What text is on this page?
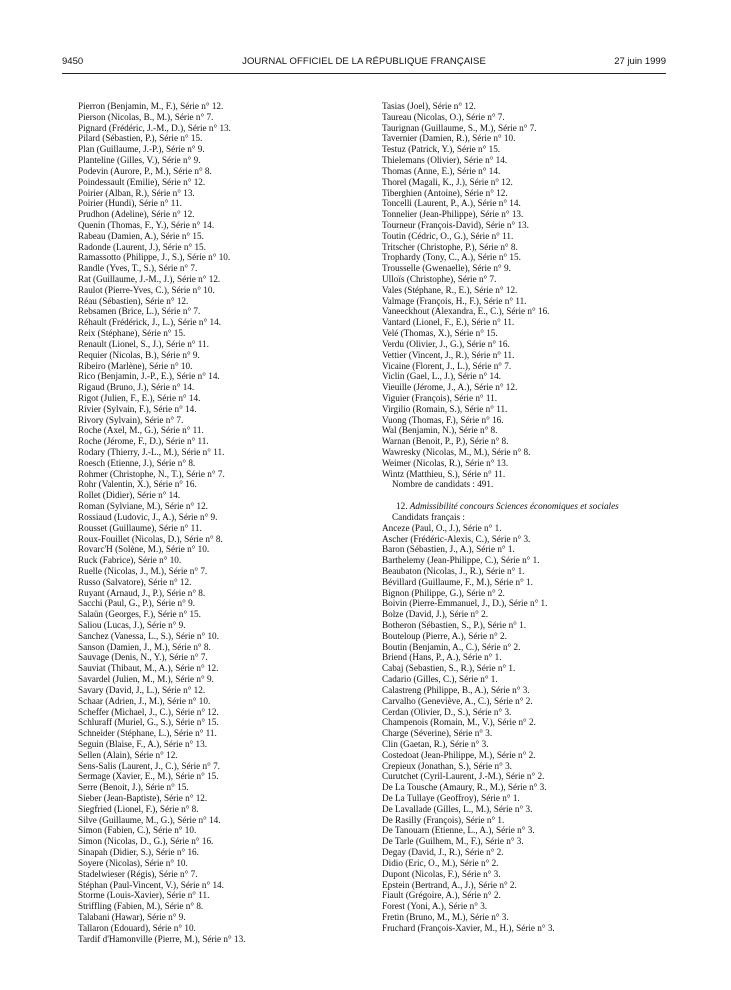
9450	JOURNAL OFFICIEL DE LA RÉPUBLIQUE FRANÇAISE	27 juin 1999
Pierron (Benjamin, M., F.), Série n° 12.
Pierson (Nicolas, B., M.), Série n° 7.
Pignard (Frédéric, J.-M., D.), Série n° 13.
Pilard (Sébastien, P.), Série n° 15.
Plan (Guillaume, J.-P.), Série n° 9.
Planteline (Gilles, V.), Série n° 9.
Podevin (Aurore, P., M.), Série n° 8.
Poindessault (Emilie), Série n° 12.
Poirier (Alban, R.), Série n° 13.
Poirier (Hundi), Série n° 11.
Prudhon (Adeline), Série n° 12.
Quenin (Thomas, F., Y.), Série n° 14.
Rabeau (Damien, A.), Série n° 15.
Radonde (Laurent, J.), Série n° 15.
Ramassotto (Philippe, J., S.), Série n° 10.
Randle (Yves, T., S.), Série n° 7.
Rat (Guillaume, J.-M., J.), Série n° 12.
Raulot (Pierre-Yves, C.), Série n° 10.
Réau (Sébastien), Série n° 12.
Rebsamen (Brice, L.), Série n° 7.
Réhault (Frédérick, J., L.), Série n° 14.
Reix (Stéphane), Série n° 15.
Renault (Lionel, S., J.), Série n° 11.
Requier (Nicolas, B.), Série n° 9.
Ribeiro (Marlène), Série n° 10.
Rico (Benjamin, J.-P., E.), Série n° 14.
Rigaud (Bruno, J.), Série n° 14.
Rigot (Julien, F., E.), Série n° 14.
Rivier (Sylvain, F.), Série n° 14.
Rivory (Sylvain), Série n° 7.
Roche (Axel, M., G.), Série n° 11.
Roche (Jérome, F., D.), Série n° 11.
Rodary (Thierry, J.-L., M.), Série n° 11.
Roesch (Etienne, J.), Série n° 8.
Rohmer (Christophe, N., T.), Série n° 7.
Rohr (Valentin, X.), Série n° 16.
Rollet (Didier), Série n° 14.
Roman (Sylviane, M.), Série n° 12.
Rossiaud (Ludovic, J., A.), Série n° 9.
Rousset (Guillaume), Série n° 11.
Roux-Fouillet (Nicolas, D.), Série n° 8.
Rovarc'H (Solène, M.), Série n° 10.
Ruck (Fabrice), Série n° 10.
Ruelle (Nicolas, J., M.), Série n° 7.
Russo (Salvatore), Série n° 12.
Ruyant (Arnaud, J., P.), Série n° 8.
Sacchi (Paul, G., P.), Série n° 9.
Salaün (Georges, F.), Série n° 15.
Saliou (Lucas, J.), Série n° 9.
Sanchez (Vanessa, L., S.), Série n° 10.
Sanson (Damien, J., M.), Série n° 8.
Sauvage (Denis, N., Y.), Série n° 7.
Sauviat (Thibaut, M., A.), Série n° 12.
Savardel (Julien, M., M.), Série n° 9.
Savary (David, J., L.), Série n° 12.
Schaar (Adrien, J., M.), Série n° 10.
Scheffer (Michael, J., C.), Série n° 12.
Schluraff (Muriel, G., S.), Série n° 15.
Schneider (Stéphane, L.), Série n° 11.
Seguin (Blaise, F., A.), Série n° 13.
Sellen (Alain), Série n° 12.
Sens-Salis (Laurent, J., C.), Série n° 7.
Sermage (Xavier, E., M.), Série n° 15.
Serre (Benoit, J.), Série n° 15.
Sieber (Jean-Baptiste), Série n° 12.
Siegfried (Lionel, F.), Série n° 8.
Silve (Guillaume, M., G.), Série n° 14.
Simon (Fabien, C.), Série n° 10.
Simon (Nicolas, D., G.), Série n° 16.
Sinapah (Didier, S.), Série n° 16.
Soyere (Nicolas), Série n° 10.
Stadelwieser (Régis), Série n° 7.
Stéphan (Paul-Vincent, V.), Série n° 14.
Storme (Louis-Xavier), Série n° 11.
Striffling (Fabien, M.), Série n° 8.
Talabani (Hawar), Série n° 9.
Tallaron (Edouard), Série n° 10.
Tardif d'Hamonville (Pierre, M.), Série n° 13.
Tasias (Joel), Série n° 12.
Taureau (Nicolas, O.), Série n° 7.
Taurignan (Guillaume, S., M.), Série n° 7.
Tavernier (Damien, R.), Série n° 10.
Testuz (Patrick, Y.), Série n° 15.
Thielemans (Olivier), Série n° 14.
Thomas (Anne, E.), Série n° 14.
Thorel (Magali, K., J.), Série n° 12.
Tiberghien (Antoine), Série n° 12.
Toncelli (Laurent, P., A.), Série n° 14.
Tonnelier (Jean-Philippe), Série n° 13.
Tourneur (François-David), Série n° 13.
Toutin (Cédric, O., G.), Série n° 11.
Tritscher (Christophe, P.), Série n° 8.
Trophardy (Tony, C., A.), Série n° 15.
Trousselle (Gwenaelle), Série n° 9.
Ulloïs (Christophe), Série n° 7.
Vales (Stéphane, R., E.), Série n° 12.
Valmage (François, H., F.), Série n° 11.
Vaneeckhout (Alexandra, E., C.), Série n° 16.
Vantard (Lionel, F., E.), Série n° 11.
Velé (Thomas, X.), Série n° 15.
Verdu (Olivier, J., G.), Série n° 16.
Vettier (Vincent, J., R.), Série n° 11.
Vicaine (Florent, J., L.), Série n° 7.
Viclin (Gael, L., J.), Série n° 14.
Vieuille (Jérome, J., A.), Série n° 12.
Viguier (François), Série n° 11.
Virgilio (Romain, S.), Série n° 11.
Vuong (Thomas, F.), Série n° 16.
Wal (Benjamin, N.), Série n° 8.
Warnan (Benoit, P., P.), Série n° 8.
Wawresky (Nicolas, M., M.), Série n° 8.
Weimer (Nicolas, R.), Série n° 13.
Wintz (Matthieu, S.), Série n° 11.
Nombre de candidats : 491.
12. Admissibilité concours Sciences économiques et sociales
Candidats français :
Anceze (Paul, O., J.), Série n° 1.
Ascher (Frédéric-Alexis, C.), Série n° 3.
Baron (Sébastien, J., A.), Série n° 1.
Barthelemy (Jean-Philippe, C.), Série n° 1.
Beaubaton (Nicolas, J., R.), Série n° 1.
Bévillard (Guillaume, F., M.), Série n° 1.
Bignon (Philippe, G.), Série n° 2.
Boivin (Pierre-Emmanuel, J., D.), Série n° 1.
Bolze (David, J.), Série n° 2.
Botheron (Sébastien, S., P.), Série n° 1.
Bouteloup (Pierre, A.), Série n° 2.
Boutin (Benjamin, A., C.), Série n° 2.
Briend (Hans, P., A.), Série n° 1.
Cabaj (Sebastien, S., R.), Série n° 1.
Cadario (Gilles, C.), Série n° 1.
Calastreng (Philippe, B., A.), Série n° 3.
Carvalho (Geneviève, A., C.), Série n° 2.
Cerdan (Olivier, D., S.), Série n° 3.
Champenois (Romain, M., V.), Série n° 2.
Charge (Séverine), Série n° 3.
Clin (Gaetan, R.), Série n° 3.
Costedoat (Jean-Philippe, M.), Série n° 2.
Crepieux (Jonathan, S.), Série n° 3.
Curutchet (Cyril-Laurent, J.-M.), Série n° 2.
De La Tousche (Amaury, R., M.), Série n° 3.
De La Tullaye (Geoffroy), Série n° 1.
De Lavallade (Gilles, L., M.), Série n° 3.
De Rasilly (François), Série n° 1.
De Tanouarn (Etienne, L., A.), Série n° 3.
De Tarle (Guilhem, M., F.), Série n° 3.
Degay (David, J., R.), Série n° 2.
Didio (Eric, O., M.), Série n° 2.
Dupont (Nicolas, F.), Série n° 3.
Epstein (Bertrand, A., J.), Série n° 2.
Fiault (Grégoire, A.), Série n° 2.
Forest (Yoni, A.), Série n° 3.
Fretin (Bruno, M., M.), Série n° 3.
Fruchard (François-Xavier, M., H.), Série n° 3.
